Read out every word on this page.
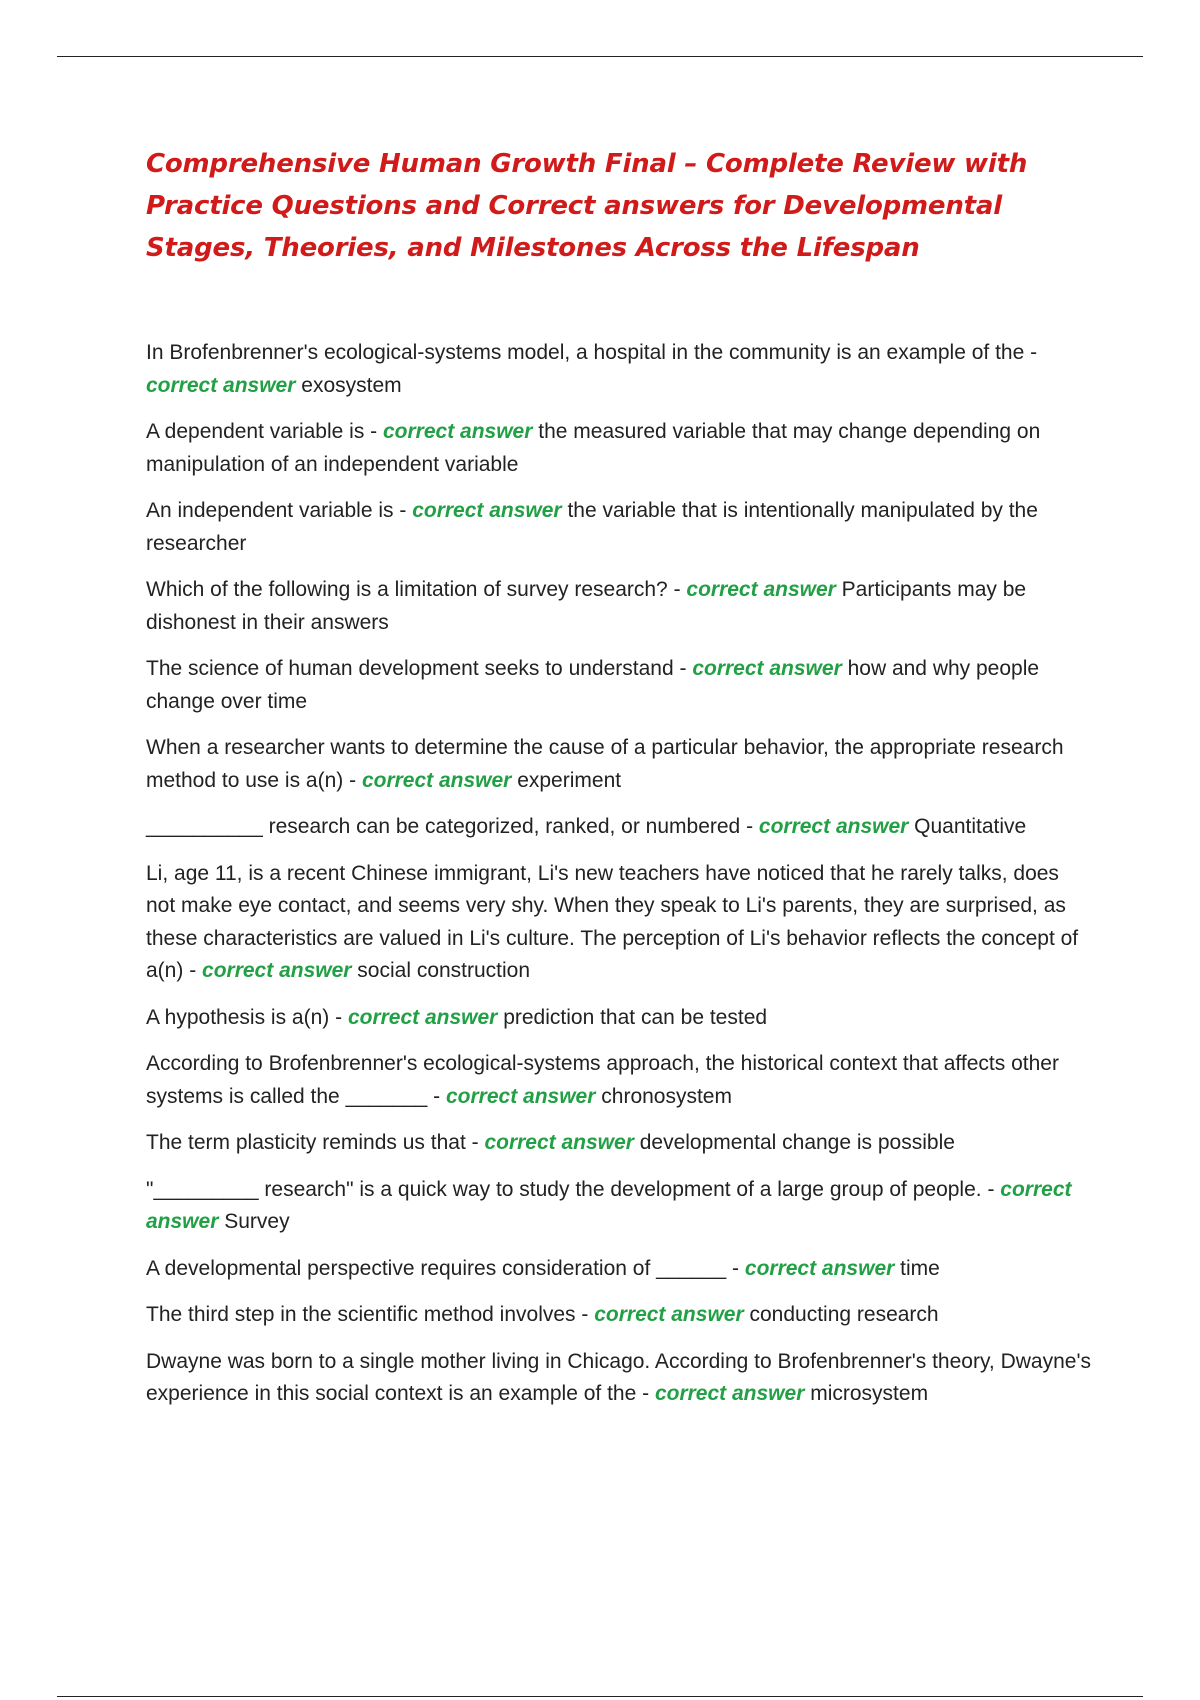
Comprehensive Human Growth Final – Complete Review with Practice Questions and Correct answers for Developmental Stages, Theories, and Milestones Across the Lifespan
In Brofenbrenner's ecological-systems model, a hospital in the community is an example of the - correct answer exosystem
A dependent variable is - correct answer the measured variable that may change depending on manipulation of an independent variable
An independent variable is - correct answer the variable that is intentionally manipulated by the researcher
Which of the following is a limitation of survey research? - correct answer Participants may be dishonest in their answers
The science of human development seeks to understand - correct answer how and why people change over time
When a researcher wants to determine the cause of a particular behavior, the appropriate research method to use is a(n) - correct answer experiment
__________ research can be categorized, ranked, or numbered - correct answer Quantitative
Li, age 11, is a recent Chinese immigrant, Li's new teachers have noticed that he rarely talks, does not make eye contact, and seems very shy. When they speak to Li's parents, they are surprised, as these characteristics are valued in Li's culture. The perception of Li's behavior reflects the concept of a(n) - correct answer social construction
A hypothesis is a(n) - correct answer prediction that can be tested
According to Brofenbrenner's ecological-systems approach, the historical context that affects other systems is called the _______ - correct answer chronosystem
The term plasticity reminds us that - correct answer developmental change is possible
"_________ research" is a quick way to study the development of a large group of people. - correct answer Survey
A developmental perspective requires consideration of ______ - correct answer time
The third step in the scientific method involves - correct answer conducting research
Dwayne was born to a single mother living in Chicago. According to Brofenbrenner's theory, Dwayne's experience in this social context is an example of the - correct answer microsystem
